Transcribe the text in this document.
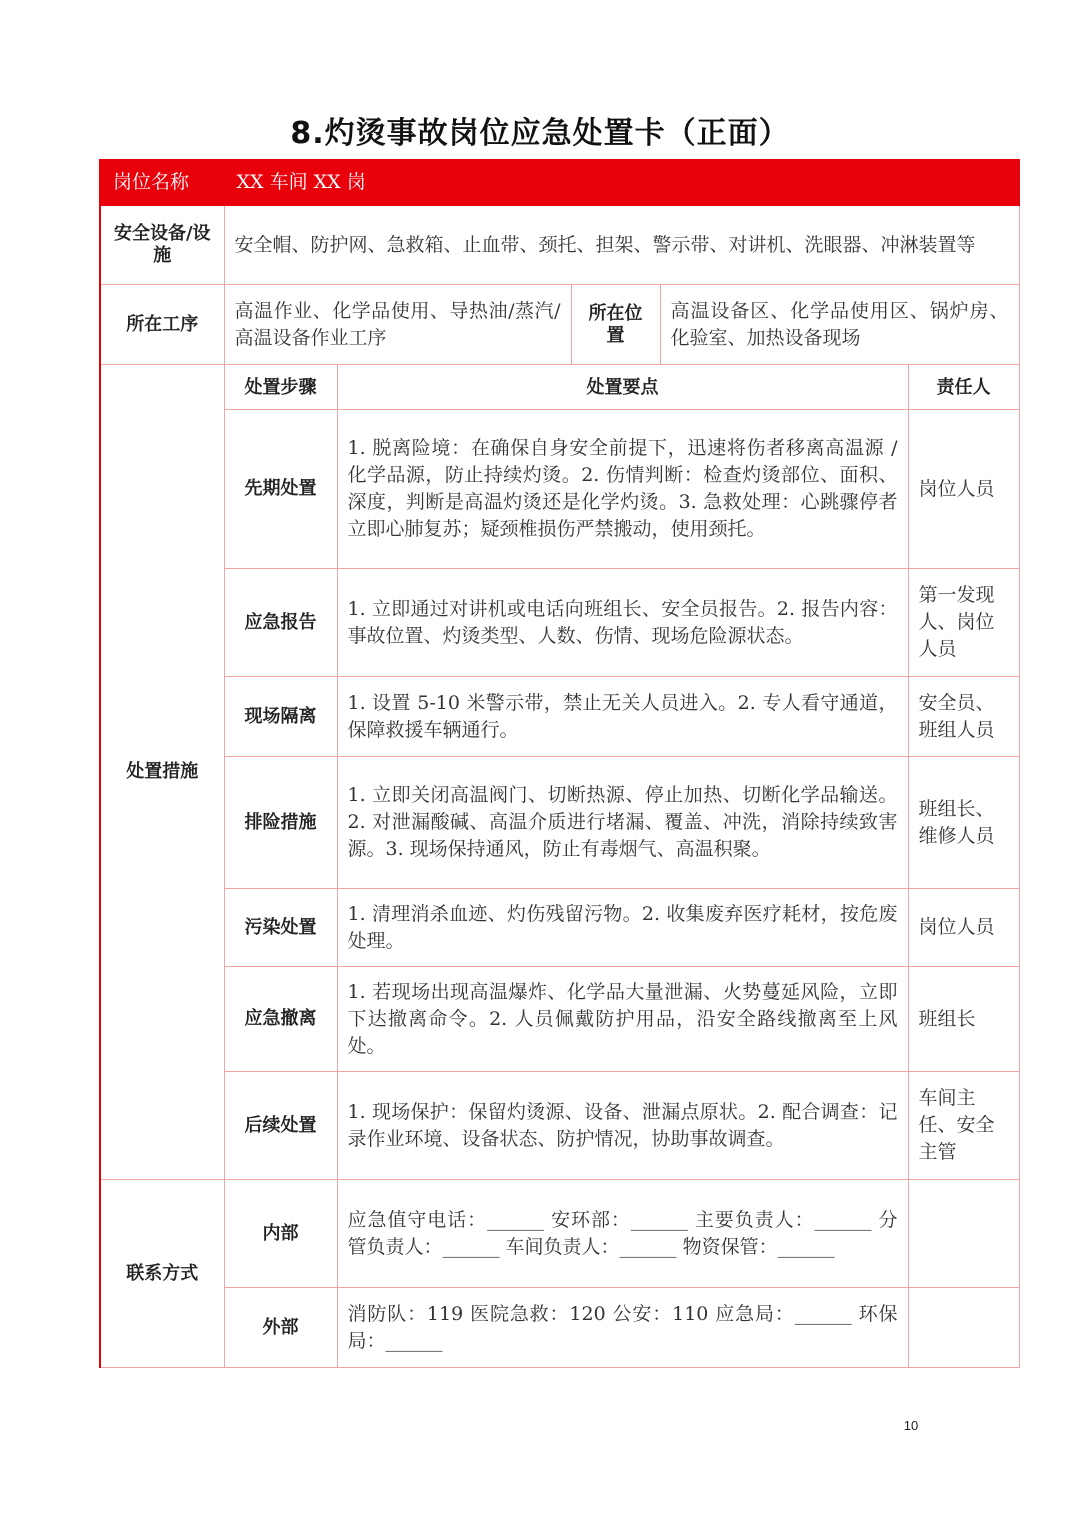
8.灼烫事故岗位应急处置卡（正面）
岗位名称	XX 车间 XX 岗				
安全设备/设施	安全帽、防护网、急救箱、止血带、颈托、担架、警示带、对讲机、洗眼器、冲淋装置等				
所在工序	高温作业、化学品使用、导热油/蒸汽/高温设备作业工序		所在位置	高温设备区、化学品使用区、锅炉房、化验室、加热设备现场	
处置措施	处置步骤	处置要点			责任人
	先期处置	1. 脱离险境：在确保自身安全前提下，迅速将伤者移离高温源 / 化学品源，防止持续灼烫。2. 伤情判断：检查灼烫部位、面积、深度，判断是高温灼烫还是化学灼烫。3. 急救处理：心跳骤停者立即心肺复苏；疑颈椎损伤严禁搬动，使用颈托。			岗位人员
	应急报告	1. 立即通过对讲机或电话向班组长、安全员报告。2. 报告内容：事故位置、灼烫类型、人数、伤情、现场危险源状态。			第一发现人、岗位人员
	现场隔离	1. 设置 5-10 米警示带，禁止无关人员进入。2. 专人看守通道，保障救援车辆通行。			安全员、班组人员
	排险措施	1. 立即关闭高温阀门、切断热源、停止加热、切断化学品输送。2. 对泄漏酸碱、高温介质进行堵漏、覆盖、冲洗，消除持续致害源。3. 现场保持通风，防止有毒烟气、高温积聚。			班组长、维修人员
	污染处置	1. 清理消杀血迹、灼伤残留污物。2. 收集废弃医疗耗材，按危废处理。			岗位人员
	应急撤离	1. 若现场出现高温爆炸、化学品大量泄漏、火势蔓延风险，立即下达撤离命令。2. 人员佩戴防护用品，沿安全路线撤离至上风处。			班组长
	后续处置	1. 现场保护：保留灼烫源、设备、泄漏点原状。2. 配合调查：记录作业环境、设备状态、防护情况，协助事故调查。			车间主任、安全主管
联系方式	内部	应急值守电话：______ 安环部：______ 主要负责人：______ 分管负责人：______ 车间负责人：______ 物资保管：______			
	外部	消防队：119 医院急救：120 公安：110 应急局：______ 环保局：______			
10
